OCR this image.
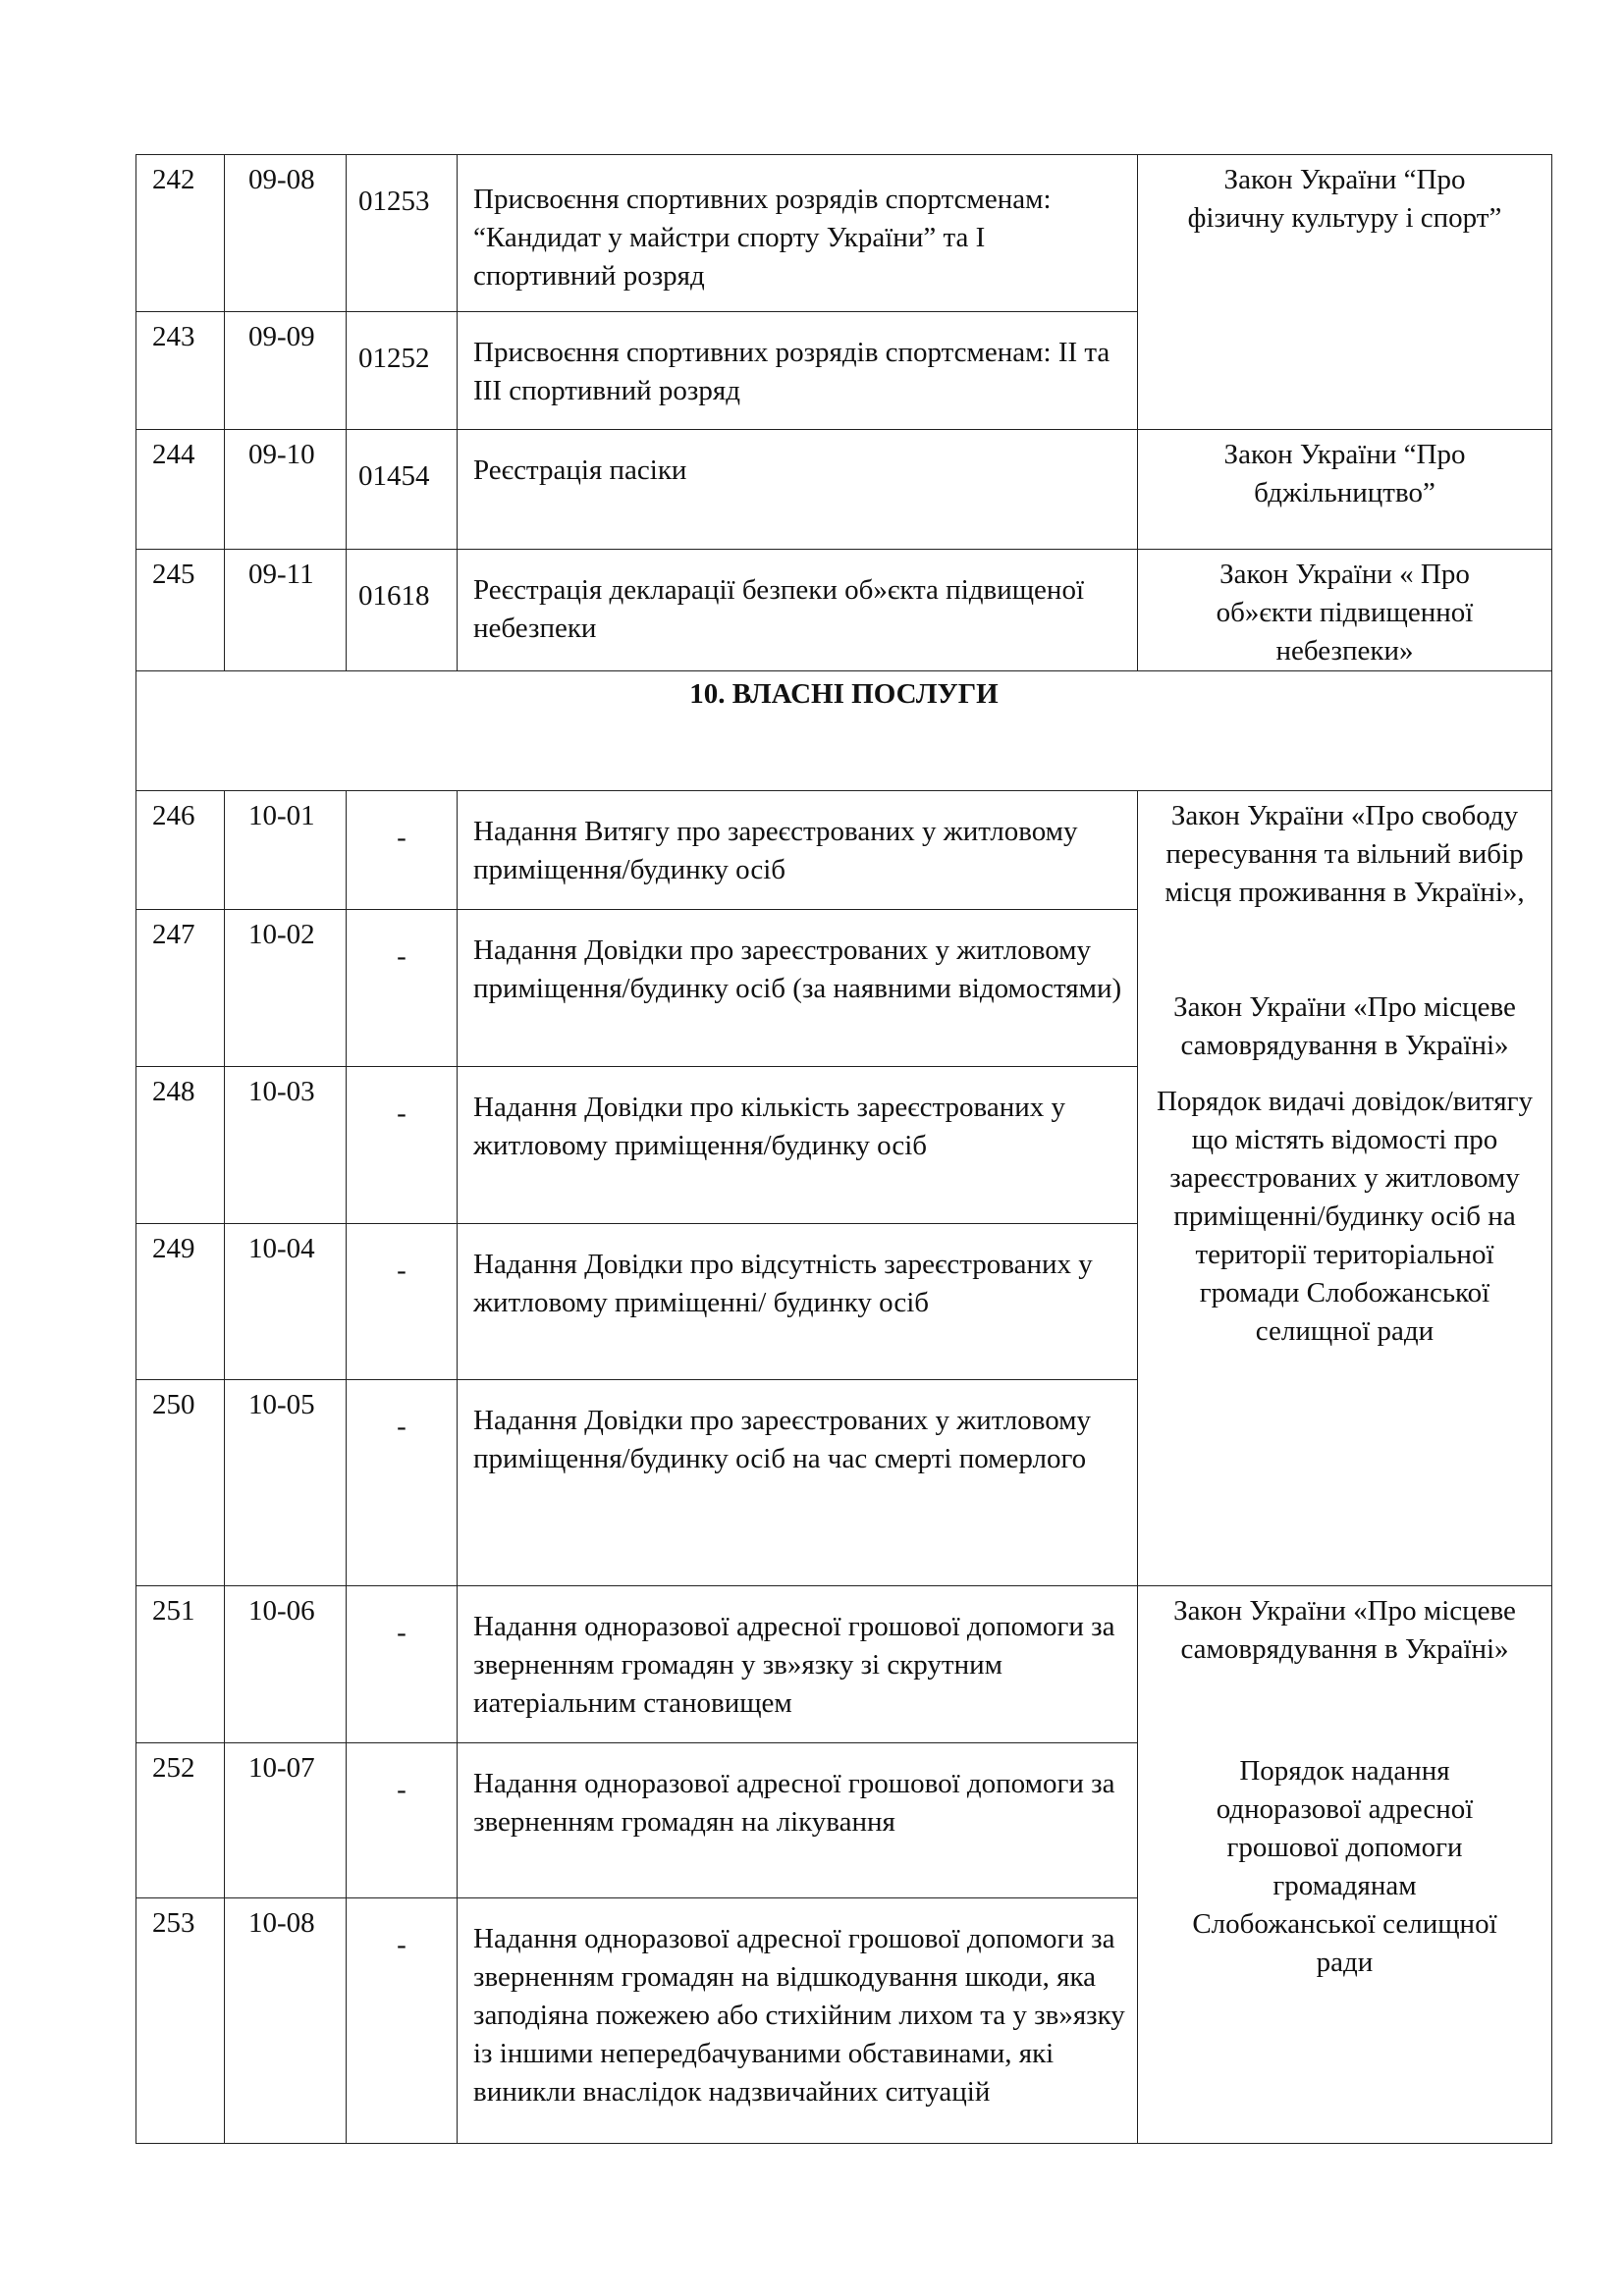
242	09-08	01253	Присвоєння спортивних розрядів спортсменам: “Кандидат у майстри спорту України” та І спортивний розряд	Закон України “Про фізичну культуру і спорт”
243	09-09	01252	Присвоєння спортивних розрядів спортсменам: ІІ та ІІІ спортивний розряд	
244	09-10	01454	Реєстрація пасіки	Закон України “Про бджільництво”
245	09-11	01618	Реєстрація декларації безпеки об»єкта підвищеної небезпеки	Закон України « Про об»єкти підвищенної небезпеки»
10. ВЛАСНІ ПОСЛУГИ				
246	10-01	-	Надання Витягу про зареєстрованих у житловому приміщення/будинку осіб	Закон України «Про свободу пересування та вільний вибір місця проживання в Україні»,

Закон України «Про місцеве самоврядування в Україні»

Порядок видачі довідок/витягу що містять відомості про зареєстрованих у житловому приміщенні/будинку осіб на території територіальної громади Слобожанської селищної ради

247	10-02	-	Надання Довідки про зареєстрованих у житловому приміщення/будинку осіб (за наявними відомостями)	
248	10-03	-	Надання Довідки про кількість зареєстрованих у житловому приміщення/будинку осіб	
249	10-04	-	Надання Довідки про відсутність зареєстрованих у житловому приміщенні/ будинку осіб	
250	10-05	-	Надання Довідки про зареєстрованих у житловому приміщення/будинку осіб на час смерті померлого	
251	10-06	-	Надання одноразової адресної грошової допомоги за зверненням громадян у зв»язку зі скрутним иатеріальним становищем	Закон України «Про місцеве самоврядування в Україні»

Порядок надання одноразової адресної грошової допомоги громадянам Слобожанської селищної ради

252	10-07	-	Надання одноразової адресної грошової допомоги за зверненням громадян на лікування	
253	10-08	-	Надання одноразової адресної грошової допомоги за зверненням громадян на відшкодування шкоди, яка заподіяна пожежею або стихійним лихом та у зв»язку із іншими непередбачуваними обставинами, які виникли внаслідок надзвичайних ситуацій	
